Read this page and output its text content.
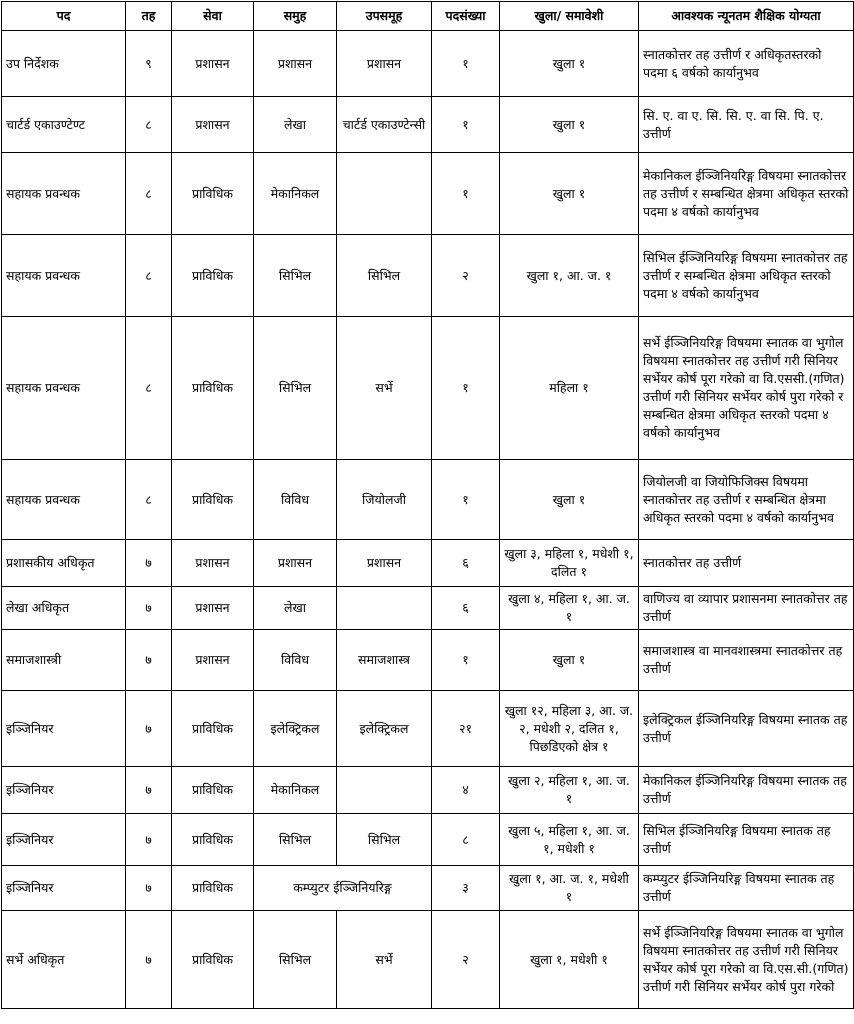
पद	तह	सेवा	समुह	उपसमूह	पदसंख्या	खुला/ समावेशी	आवश्यक न्यूनतम शैक्षिक योग्यता
उप निर्देशक	९	प्रशासन	प्रशासन	प्रशासन	१	खुला १	स्नातकोत्तर तह उत्तीर्ण र अधिकृतस्तरको पदमा ६ वर्षको कार्यानुभव
चार्टर्ड एकाउण्टेण्ट	८	प्रशासन	लेखा	चार्टर्ड एकाउण्टेन्सी	१	खुला १	सि. ए. वा ए. सि. सि. ए. वा सि. पि. ए. उत्तीर्ण
सहायक प्रवन्धक	८	प्राविधिक	मेकानिकल		१	खुला १	मेकानिकल ईञ्जिनियरिङ्ग विषयमा स्नातकोत्तर तह उत्तीर्ण र सम्बन्धित क्षेत्रमा अधिकृत स्तरको पदमा ४ वर्षको कार्यानुभव
सहायक प्रवन्धक	८	प्राविधिक	सिभिल	सिभिल	२	खुला १, आ. ज. १	सिभिल ईञ्जिनियरिङ्ग विषयमा स्नातकोत्तर तह उत्तीर्ण र सम्बन्धित क्षेत्रमा अधिकृत स्तरको पदमा ४ वर्षको कार्यानुभव
सहायक प्रवन्धक	८	प्राविधिक	सिभिल	सर्भे	१	महिला १	सर्भे ईञ्जिनियरिङ्ग विषयमा स्नातक वा भुगोल विषयमा स्नातकोत्तर तह उत्तीर्ण गरी सिनियर सर्भेयर कोर्ष पूरा गरेको वा वि.एससी.(गणित) उत्तीर्ण गरी सिनियर सर्भेयर कोर्ष पुरा गरेको र सम्बन्धित क्षेत्रमा अधिकृत स्तरको पदमा ४ वर्षको कार्यानुभव
सहायक प्रवन्धक	८	प्राविधिक	विविध	जियोलजी	१	खुला १	जियोलजी वा जियोफिजिक्स विषयमा स्नातकोत्तर तह उत्तीर्ण र सम्बन्धित क्षेत्रमा अधिकृत स्तरको पदमा ४ वर्षको कार्यानुभव
प्रशासकीय अधिकृत	७	प्रशासन	प्रशासन	प्रशासन	६	खुला ३, महिला १, मधेशी १, दलित १	स्नातकोत्तर तह उत्तीर्ण
लेखा अधिकृत	७	प्रशासन	लेखा		६	खुला ४, महिला १, आ. ज. १	वाणिज्य वा व्यापार प्रशासनमा स्नातकोत्तर तह उत्तीर्ण
समाजशास्त्री	७	प्रशासन	विविध	समाजशास्त्र	१	खुला १	समाजशास्त्र वा मानवशास्त्रमा स्नातकोत्तर तह उत्तीर्ण
इञ्जिनियर	७	प्राविधिक	इलेक्ट्रिकल	इलेक्ट्रिकल	२१	खुला १२, महिला ३, आ. ज. २, मधेशी २, दलित १, पिछडिएको क्षेत्र १	इलेक्ट्रिकल ईञ्जिनियरिङ्ग विषयमा स्नातक तह उत्तीर्ण
इञ्जिनियर	७	प्राविधिक	मेकानिकल		४	खुला २, महिला १, आ. ज. १	मेकानिकल ईञ्जिनियरिङ्ग विषयमा स्नातक तह उत्तीर्ण
इञ्जिनियर	७	प्राविधिक	सिभिल	सिभिल	८	खुला ५, महिला १, आ. ज. १, मधेशी १	सिभिल ईञ्जिनियरिङ्ग विषयमा स्नातक तह उत्तीर्ण
इञ्जिनियर	७	प्राविधिक	कम्प्युटर ईञ्जिनियरिङ्ग		३	खुला १, आ. ज. १, मधेशी १	कम्प्युटर ईञ्जिनियरिङ्ग विषयमा स्नातक तह उत्तीर्ण
सर्भे अधिकृत	७	प्राविधिक	सिभिल	सर्भे	२	खुला १, मधेशी १	सर्भे ईञ्जिनियरिङ्ग विषयमा स्नातक वा भुगोल विषयमा स्नातकोत्तर तह उत्तीर्ण गरी सिनियर सर्भेयर कोर्ष पूरा गरेको वा वि.एस.सी.(गणित) उत्तीर्ण गरी सिनियर सर्भेयर कोर्ष पुरा गरेको
